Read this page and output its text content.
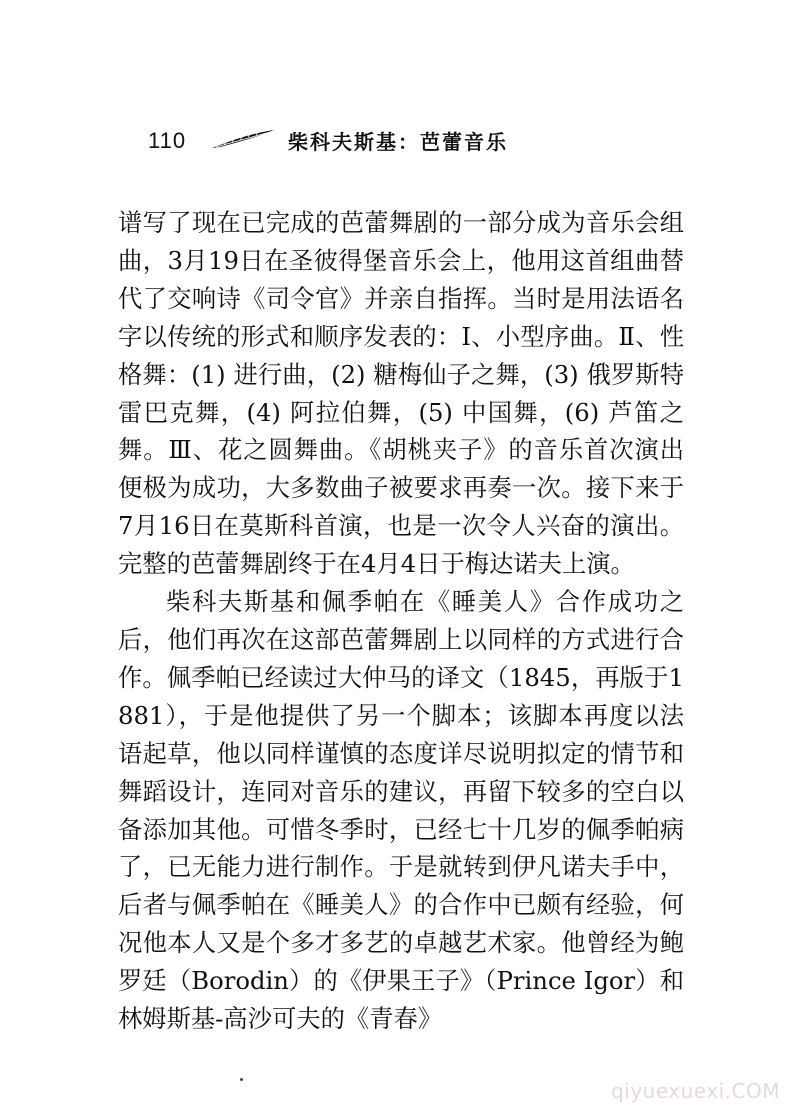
110	柴科夫斯基：芭蕾音乐

谱写了现在已完成的芭蕾舞剧的一部分成为音乐会组曲，3月19日在圣彼得堡音乐会上，他用这首组曲替代了交响诗《司令官》并亲自指挥。当时是用法语名字以传统的形式和顺序发表的：Ⅰ、小型序曲。Ⅱ、性格舞：(1) 进行曲，(2) 糖梅仙子之舞，(3) 俄罗斯特雷巴克舞，(4) 阿拉伯舞，(5) 中国舞，(6) 芦笛之舞。Ⅲ、花之圆舞曲。《胡桃夹子》的音乐首次演出便极为成功，大多数曲子被要求再奏一次。接下来于7月16日在莫斯科首演，也是一次令人兴奋的演出。完整的芭蕾舞剧终于在4月4日于梅达诺夫上演。

柴科夫斯基和佩季帕在《睡美人》合作成功之后，他们再次在这部芭蕾舞剧上以同样的方式进行合作。佩季帕已经读过大仲马的译文（1845，再版于1881），于是他提供了另一个脚本；该脚本再度以法语起草，他以同样谨慎的态度详尽说明拟定的情节和舞蹈设计，连同对音乐的建议，再留下较多的空白以备添加其他。可惜冬季时，已经七十几岁的佩季帕病了，已无能力进行制作。于是就转到伊凡诺夫手中，后者与佩季帕在《睡美人》的合作中已颇有经验，何况他本人又是个多才多艺的卓越艺术家。他曾经为鲍罗廷（Borodin）的《伊果王子》（Prince Igor）和林姆斯基-高沙可夫的《青春》

qiyuexuexi.COM
